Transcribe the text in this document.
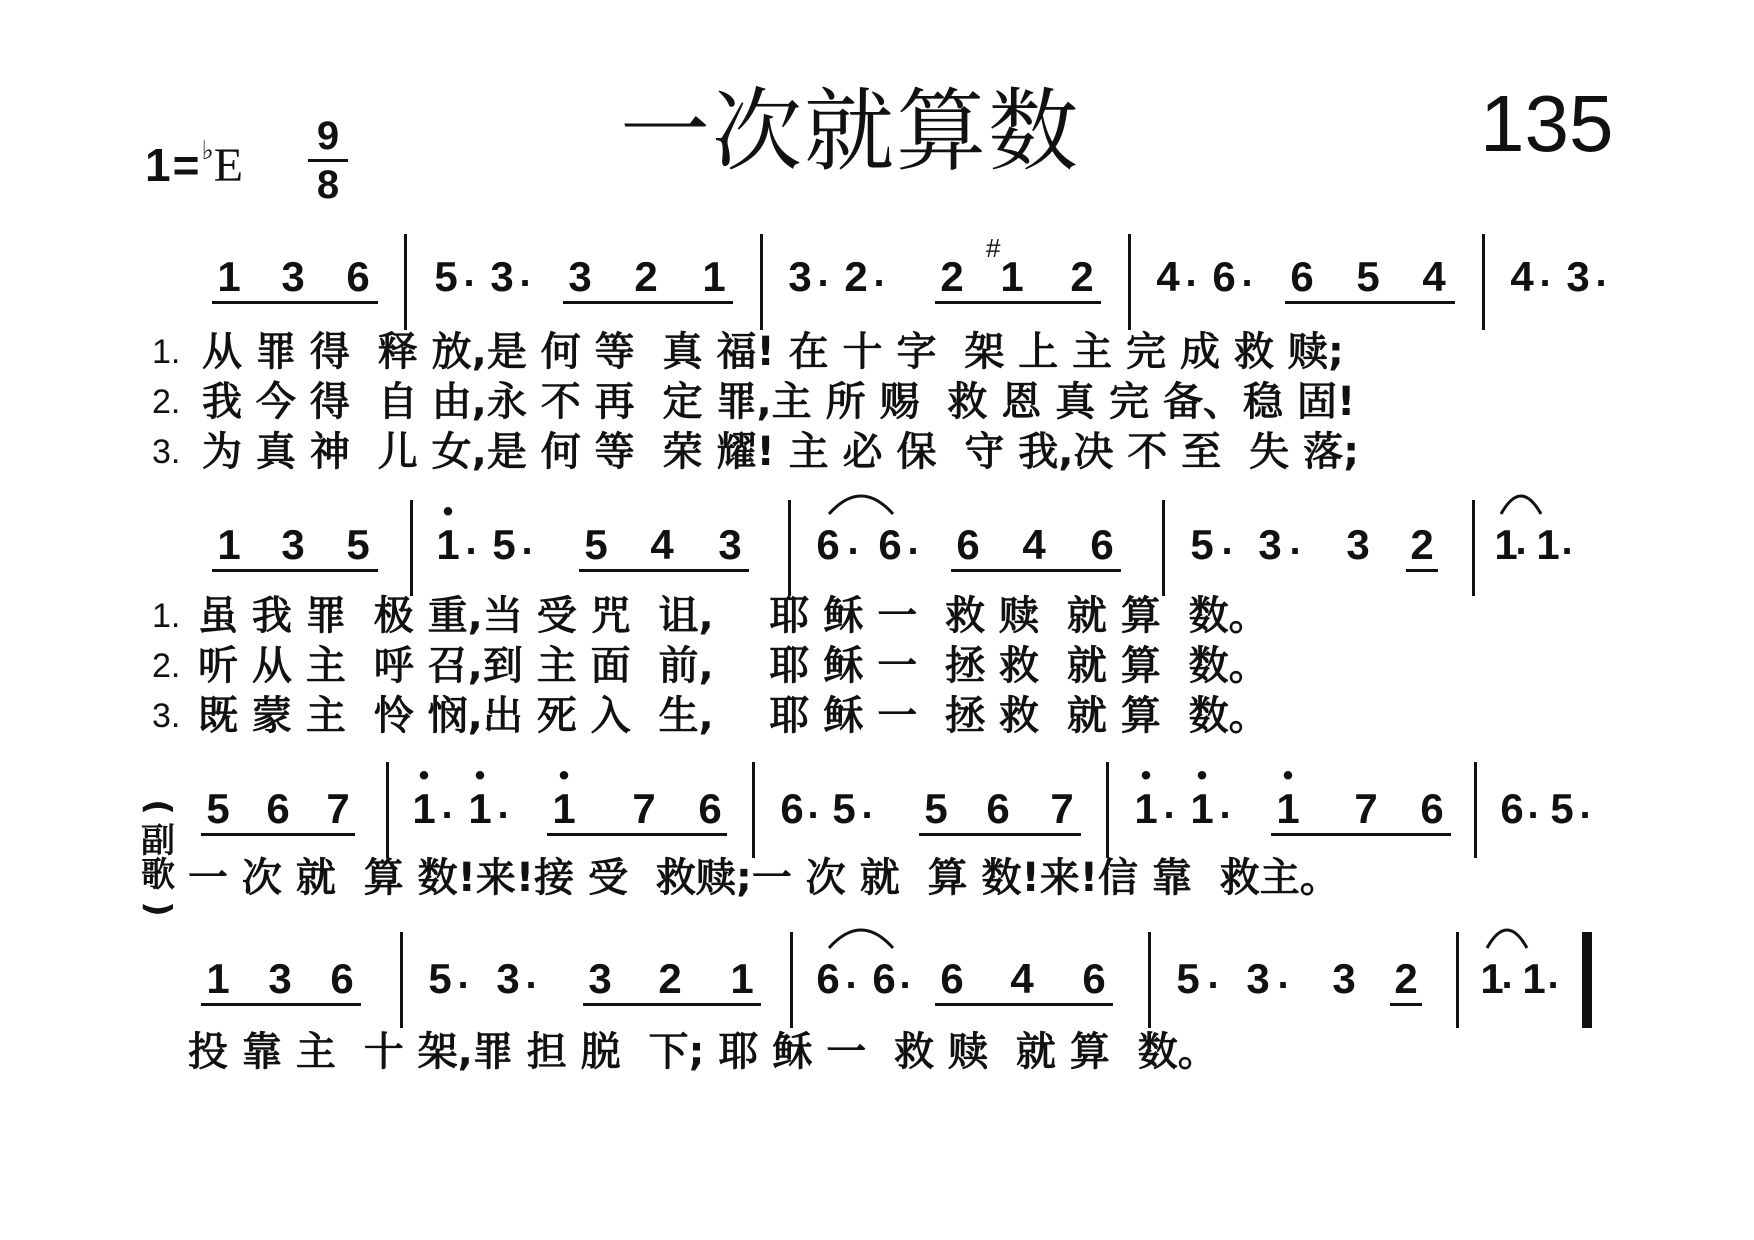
一次就算数	135
1=♭E
9
8
1 3 6 5 . 3 . 3 2 1 3 . 2 . 2 1
#
2 4 . 6 . 6 5 4 4 . 3 .
1. 从 罪 得  释 放,是 何 等  真 福! 在 十 字  架 上 主 完 成 救 赎;
2. 我 今 得  自 由,永 不 再  定 罪,主 所 赐  救 恩 真 完 备、稳 固!
3. 为 真 神  儿 女,是 何 等  荣 耀! 主 必 保  守 我,决 不 至  失 落;
1 3 5 1
•
. 5 . 5 4 3 6 . 6 . 6 4 6 5 . 3 . 3 2 1
. 1 .
1. 虽 我 罪  极 重,当 受 咒  诅,    耶 稣 一  救 赎  就 算  数。
2. 听 从 主  呼 召,到 主 面  前,    耶 稣 一  拯 救  就 算  数。
3. 既 蒙 主  怜 悯,出 死 入  生,    耶 稣 一  拯 救  就 算  数。
(
副
歌
)
5 6 7 1
•
. 1
•
. 1
•
7 6 6 . 5 . 5 6 7 1
•
. 1
•
. 1
•
7 6 6 . 5 .
一 次 就  算 数!来!接 受  救赎;一 次 就  算 数!来!信 靠  救主。
1 3 6 5 . 3 . 3 2 1 6 . 6 . 6 4 6 5 . 3 . 3 2 1
. 1 .
投 靠 主  十 架,罪 担 脱  下; 耶 稣 一  救 赎  就 算  数。
